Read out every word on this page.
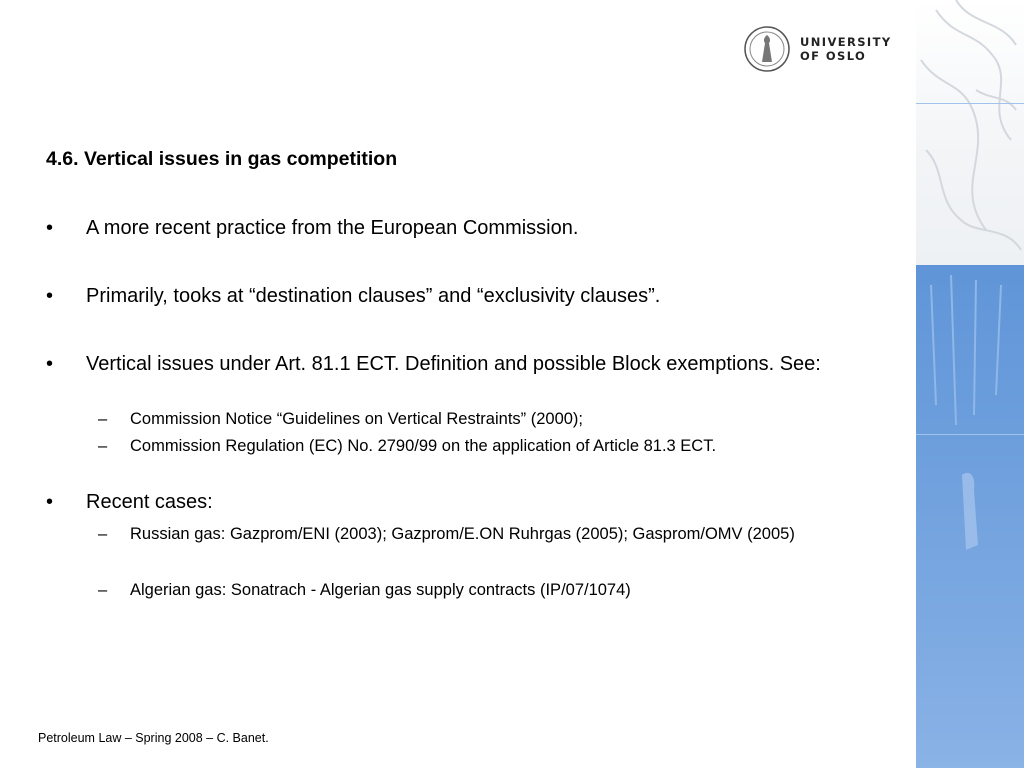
UNIVERSITY
OF OSLO
4.6. Vertical issues in gas competition
•	A more recent practice from the European Commission.
•	Primarily, tooks at “destination clauses” and “exclusivity clauses”.
•	Vertical issues under Art. 81.1 ECT. Definition and possible Block exemptions. See:
– Commission Notice “Guidelines on Vertical Restraints” (2000);
– Commission Regulation (EC) No. 2790/99 on the application of Article 81.3 ECT.
•	Recent cases:
– Russian gas: Gazprom/ENI (2003); Gazprom/E.ON Ruhrgas (2005); Gasprom/OMV (2005)
– Algerian gas: Sonatrach - Algerian gas supply contracts (IP/07/1074)
Petroleum Law – Spring 2008 – C. Banet.
